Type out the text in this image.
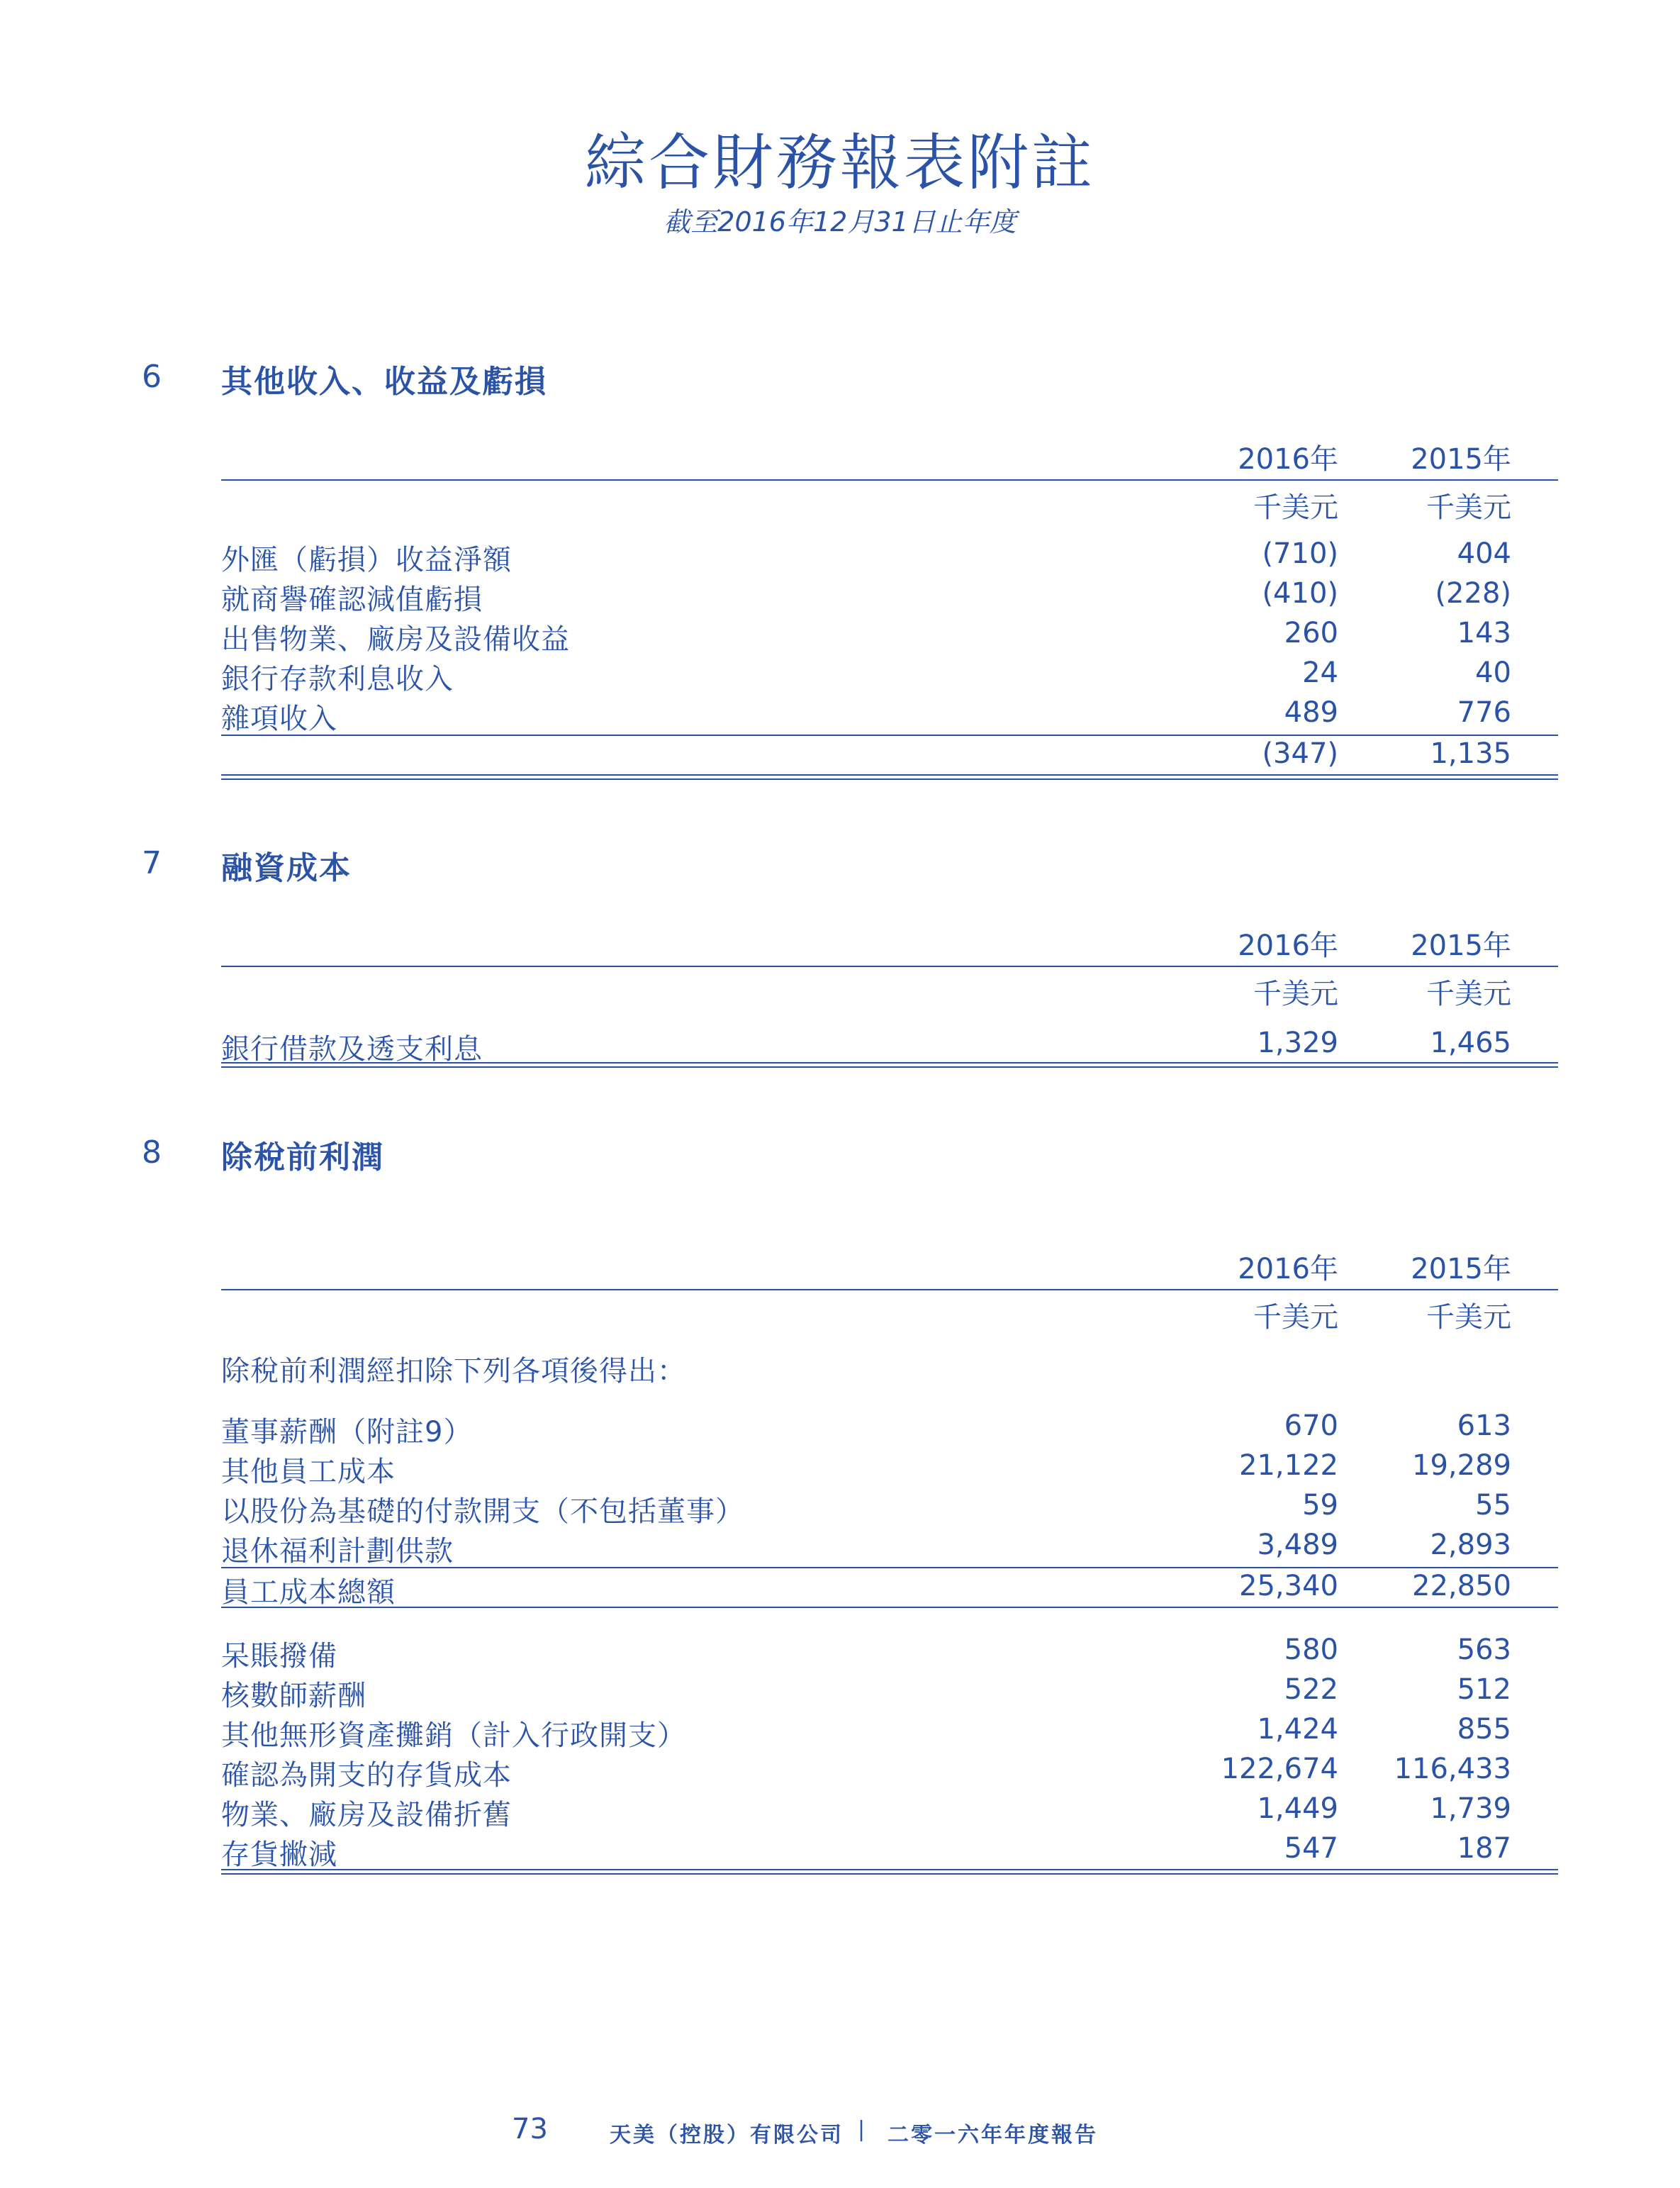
綜合財務報表附註
截至2016年12月31日止年度
6 其他收入、收益及虧損
2016年	2015年
千美元	千美元
外匯（虧損）收益淨額	(710)	404
就商譽確認減值虧損	(410)	(228)
出售物業、廠房及設備收益	260	143
銀行存款利息收入	24	40
雜項收入	489	776
(347)	1,135
7 融資成本
2016年	2015年
千美元	千美元
銀行借款及透支利息	1,329	1,465
8 除稅前利潤
2016年	2015年
千美元	千美元
除稅前利潤經扣除下列各項後得出：
董事薪酬（附註9）	670	613
其他員工成本	21,122	19,289
以股份為基礎的付款開支（不包括董事）	59	55
退休福利計劃供款	3,489	2,893
員工成本總額	25,340	22,850
呆賬撥備	580	563
核數師薪酬	522	512
其他無形資產攤銷（計入行政開支）	1,424	855
確認為開支的存貨成本	122,674	116,433
物業、廠房及設備折舊	1,449	1,739
存貨撇減	547	187
73	天美（控股）有限公司 | 二零一六年年度報告
